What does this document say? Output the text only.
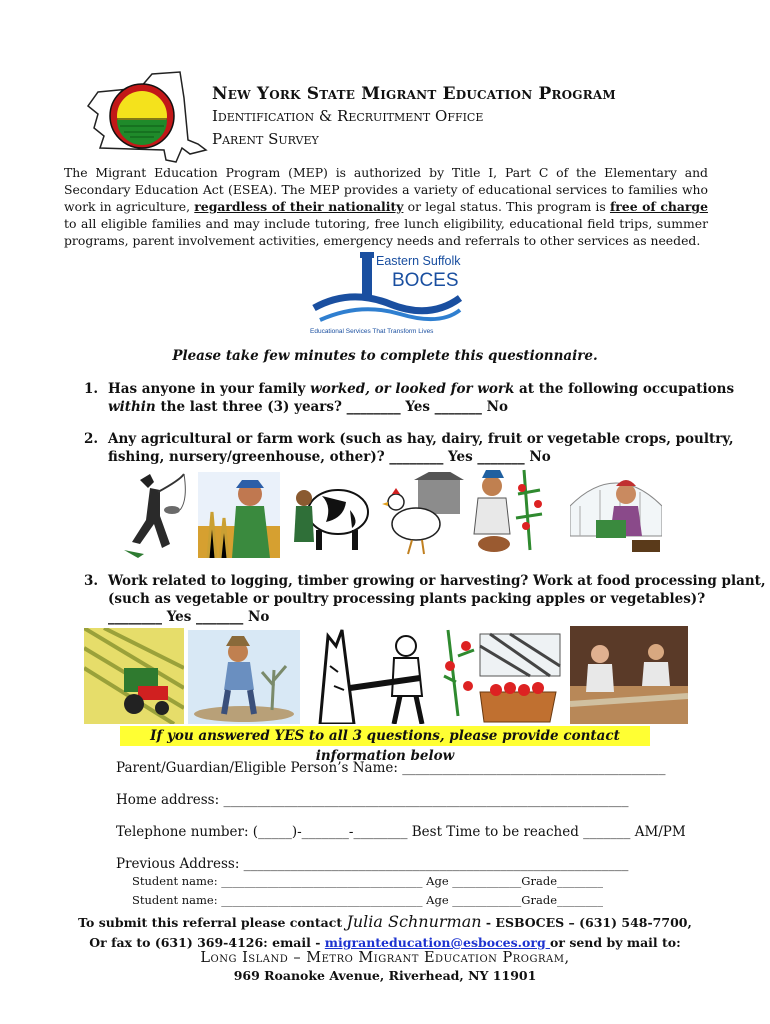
New York State Migrant Education Program
Identification & Recruitment Office
Parent Survey
The Migrant Education Program (MEP) is authorized by Title I, Part C of the Elementary and Secondary Education Act (ESEA). The MEP provides a variety of educational services to families who work in agriculture, regardless of their nationality or legal status. This program is free of charge to all eligible families and may include tutoring, free lunch eligibility, educational field trips, summer programs, parent involvement activities, emergency needs and referrals to other services as needed.
Eastern Suffolk
BOCES
Educational Services That Transform Lives
Please take few minutes to complete this questionnaire.
1. Has anyone in your family worked, or looked for work at the following occupations
within the last three (3) years? ________ Yes _______ No
2. Any agricultural or farm work (such as hay, dairy, fruit or vegetable crops, poultry,
fishing, nursery/greenhouse, other)? ________ Yes _______ No
3. Work related to logging, timber growing or harvesting? Work at food processing plant,
(such as vegetable or poultry processing plants packing apples or vegetables)?
________ Yes _______ No
If you answered YES to all 3 questions, please provide contact information below
Parent/Guardian/Eligible Person’s Name: _______________________________________
Home address: ____________________________________________________________
Telephone number: (_____)-_______-________ Best Time to be reached _______ AM/PM
Previous Address: _________________________________________________________
Student name: ___________________________________ Age ____________Grade________
Student name: ___________________________________ Age ____________Grade________
To submit this referral please contact Julia Schnurman - ESBOCES – (631) 548-7700,
Or fax to (631) 369-4126: email - migranteducation@esboces.org or send by mail to:
Long Island – Metro Migrant Education Program,
969 Roanoke Avenue, Riverhead, NY 11901
